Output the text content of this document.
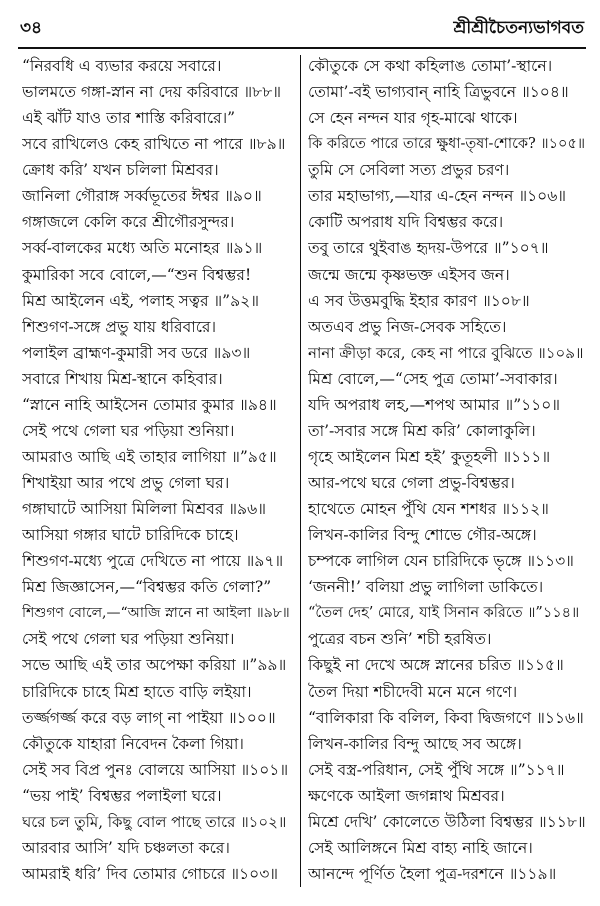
৩৪	শ্রীশ্রীচৈতন্যভাগবত
“নিরবধি এ ব্যভার করয়ে সবারে।
ভালমতে গঙ্গা-স্নান না দেয় করিবারে ॥৮৮॥
এই ঝাঁট যাও তার শাস্তি করিবারে।”
সবে রাখিলেও কেহ রাখিতে না পারে ॥৮৯॥
ক্রোধ করি’ যখন চলিলা মিশ্রবর।
জানিলা গৌরাঙ্গ সর্ব্বভূতের ঈশ্বর ॥৯০॥
গঙ্গাজলে কেলি করে শ্রীগৌরসুন্দর।
সর্ব্ব-বালকের মধ্যে অতি মনোহর ॥৯১॥
কুমারিকা সবে বোলে,—“শুন বিশ্বম্ভর!
মিশ্র আইলেন এই, পলাহ সত্বর ॥”৯২॥
শিশুগণ-সঙ্গে প্রভু যায় ধরিবারে।
পলাইল ব্রাহ্মণ-কুমারী সব ডরে ॥৯৩॥
সবারে শিখায় মিশ্র-স্থানে কহিবার।
“স্নানে নাহি আইসেন তোমার কুমার ॥৯৪॥
সেই পথে গেলা ঘর পড়িয়া শুনিয়া।
আমরাও আছি এই তাহার লাগিয়া ॥”৯৫॥
শিখাইয়া আর পথে প্রভু গেলা ঘর।
গঙ্গাঘাটে আসিয়া মিলিলা মিশ্রবর ॥৯৬॥
আসিয়া গঙ্গার ঘাটে চারিদিকে চাহে।
শিশুগণ-মধ্যে পুত্রে দেখিতে না পায়ে ॥৯৭॥
মিশ্র জিজ্ঞাসেন,—“বিশ্বম্ভর কতি গেলা?”
শিশুগণ বোলে,—“আজি স্নানে না আইলা ॥৯৮॥
সেই পথে গেলা ঘর পড়িয়া শুনিয়া।
সভে আছি এই তার অপেক্ষা করিয়া ॥”৯৯॥
চারিদিকে চাহে মিশ্র হাতে বাড়ি লইয়া।
তর্জ্জগর্জ্জ করে বড় লাগ্‌ না পাইয়া ॥১০০॥
কৌতুকে যাহারা নিবেদন কৈলা গিয়া।
সেই সব বিপ্র পুনঃ বোলয়ে আসিয়া ॥১০১॥
“ভয় পাই’ বিশ্বম্ভর পলাইলা ঘরে।
ঘরে চল তুমি, কিছু বোল পাছে তারে ॥১০২॥
আরবার আসি’ যদি চঞ্চলতা করে।
আমরাই ধরি’ দিব তোমার গোচরে ॥১০৩॥
কৌতুকে সে কথা কহিলাঙ তোমা’-স্থানে।
তোমা’-বই ভাগ্যবান্ নাহি ত্রিভুবনে ॥১০৪॥
সে হেন নন্দন যার গৃহ-মাঝে থাকে।
কি করিতে পারে তারে ক্ষুধা-তৃষা-শোকে? ॥১০৫॥
তুমি সে সেবিলা সত্য প্রভুর চরণ।
তার মহাভাগ্য,—যার এ-হেন নন্দন ॥১০৬॥
কোটি অপরাধ যদি বিশ্বম্ভর করে।
তবু তারে থুইবাঙ হৃদয়-উপরে ॥”১০৭॥
জন্মে জন্মে কৃষ্ণভক্ত এইসব জন।
এ সব উত্তমবুদ্ধি ইহার কারণ ॥১০৮॥
অতএব প্রভু নিজ-সেবক সহিতে।
নানা ক্রীড়া করে, কেহ না পারে বুঝিতে ॥১০৯॥
মিশ্র বোলে,—“সেহ পুত্র তোমা’-সবাকার।
যদি অপরাধ লহ,—শপথ আমার ॥”১১০॥
তা’-সবার সঙ্গে মিশ্র করি’ কোলাকুলি।
গৃহে আইলেন মিশ্র হই’ কুতূহলী ॥১১১॥
আর-পথে ঘরে গেলা প্রভু-বিশ্বম্ভর।
হাথেতে মোহন পুঁথি যেন শশধর ॥১১২॥
লিখন-কালির বিন্দু শোভে গৌর-অঙ্গে।
চম্পকে লাগিল যেন চারিদিকে ভৃঙ্গে ॥১১৩॥
‘জননী!’ বলিয়া প্রভু লাগিলা ডাকিতে।
“তৈল দেহ’ মোরে, যাই সিনান করিতে ॥”১১৪॥
পুত্রের বচন শুনি’ শচী হরষিত।
কিছুই না দেখে অঙ্গে স্নানের চরিত ॥১১৫॥
তৈল দিয়া শচীদেবী মনে মনে গণে।
“বালিকারা কি বলিল, কিবা দ্বিজগণে ॥১১৬॥
লিখন-কালির বিন্দু আছে সব অঙ্গে।
সেই বস্ত্র-পরিধান, সেই পুঁথি সঙ্গে ॥”১১৭॥
ক্ষণেকে আইলা জগন্নাথ মিশ্রবর।
মিশ্রে দেখি’ কোলেতে উঠিলা বিশ্বম্ভর ॥১১৮॥
সেই আলিঙ্গনে মিশ্র বাহ্য নাহি জানে।
আনন্দে পূর্ণিত হৈলা পুত্র-দরশনে ॥১১৯॥
